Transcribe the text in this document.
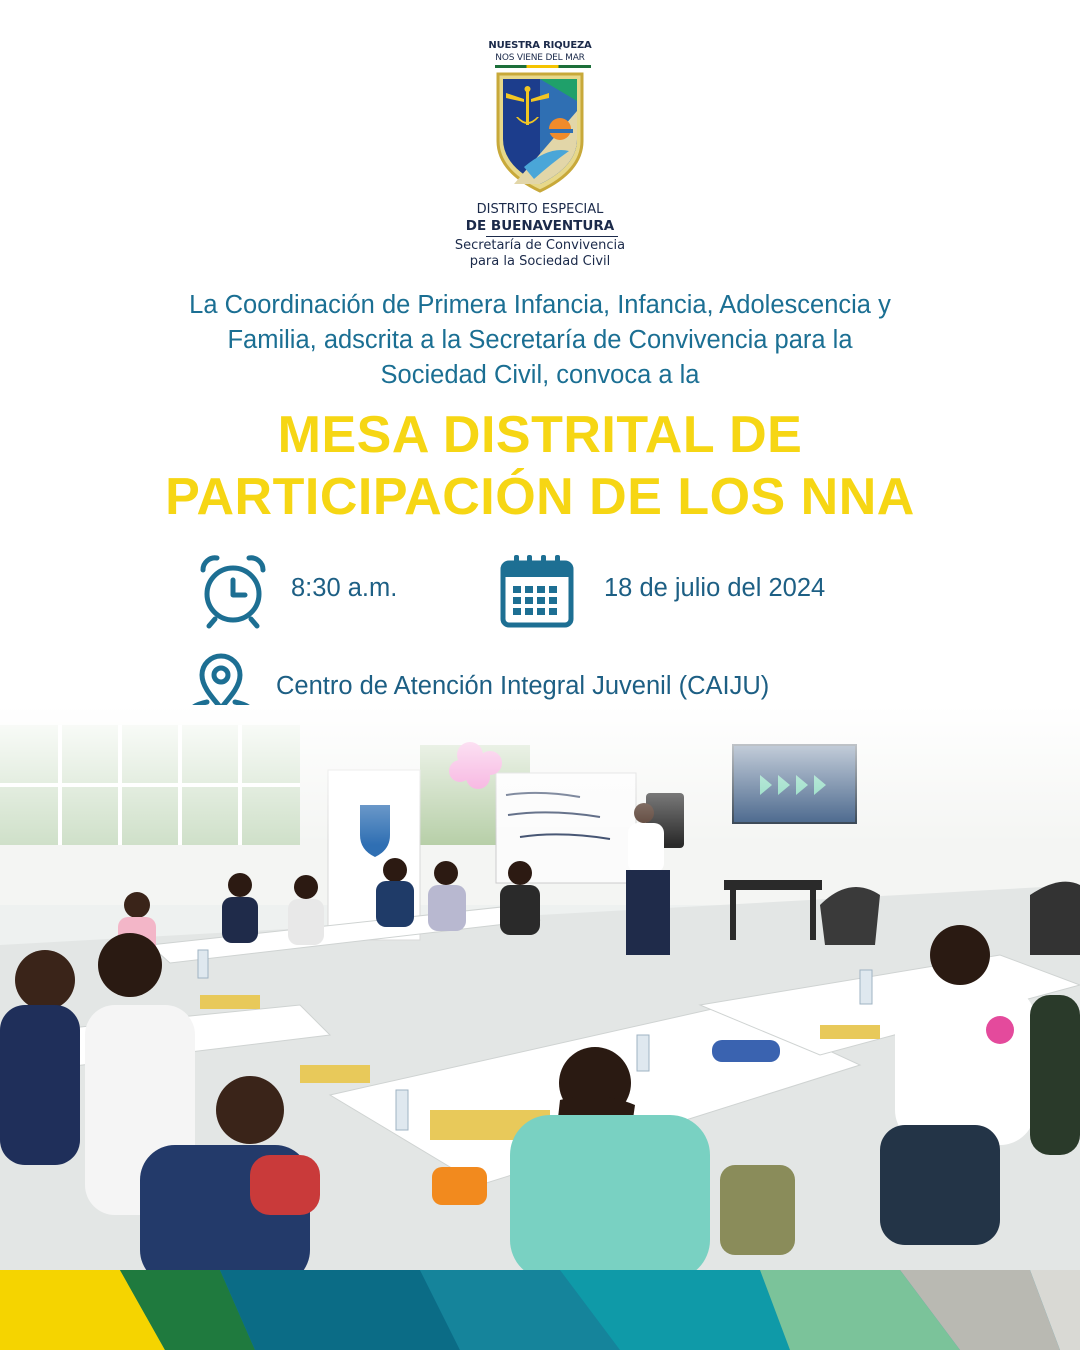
NUESTRA RIQUEZA
NOS VIENE DEL MAR
DISTRITO ESPECIAL
DE BUENAVENTURA
Secretaría de Convivencia
para la Sociedad Civil
La Coordinación de Primera Infancia, Infancia, Adolescencia y
Familia, adscrita a la Secretaría de Convivencia para la
Sociedad Civil, convoca a la
MESA DISTRITAL DE
PARTICIPACIÓN DE LOS NNA
8:30 a.m.	18 de julio del 2024
Centro de Atención Integral Juvenil (CAIJU)
